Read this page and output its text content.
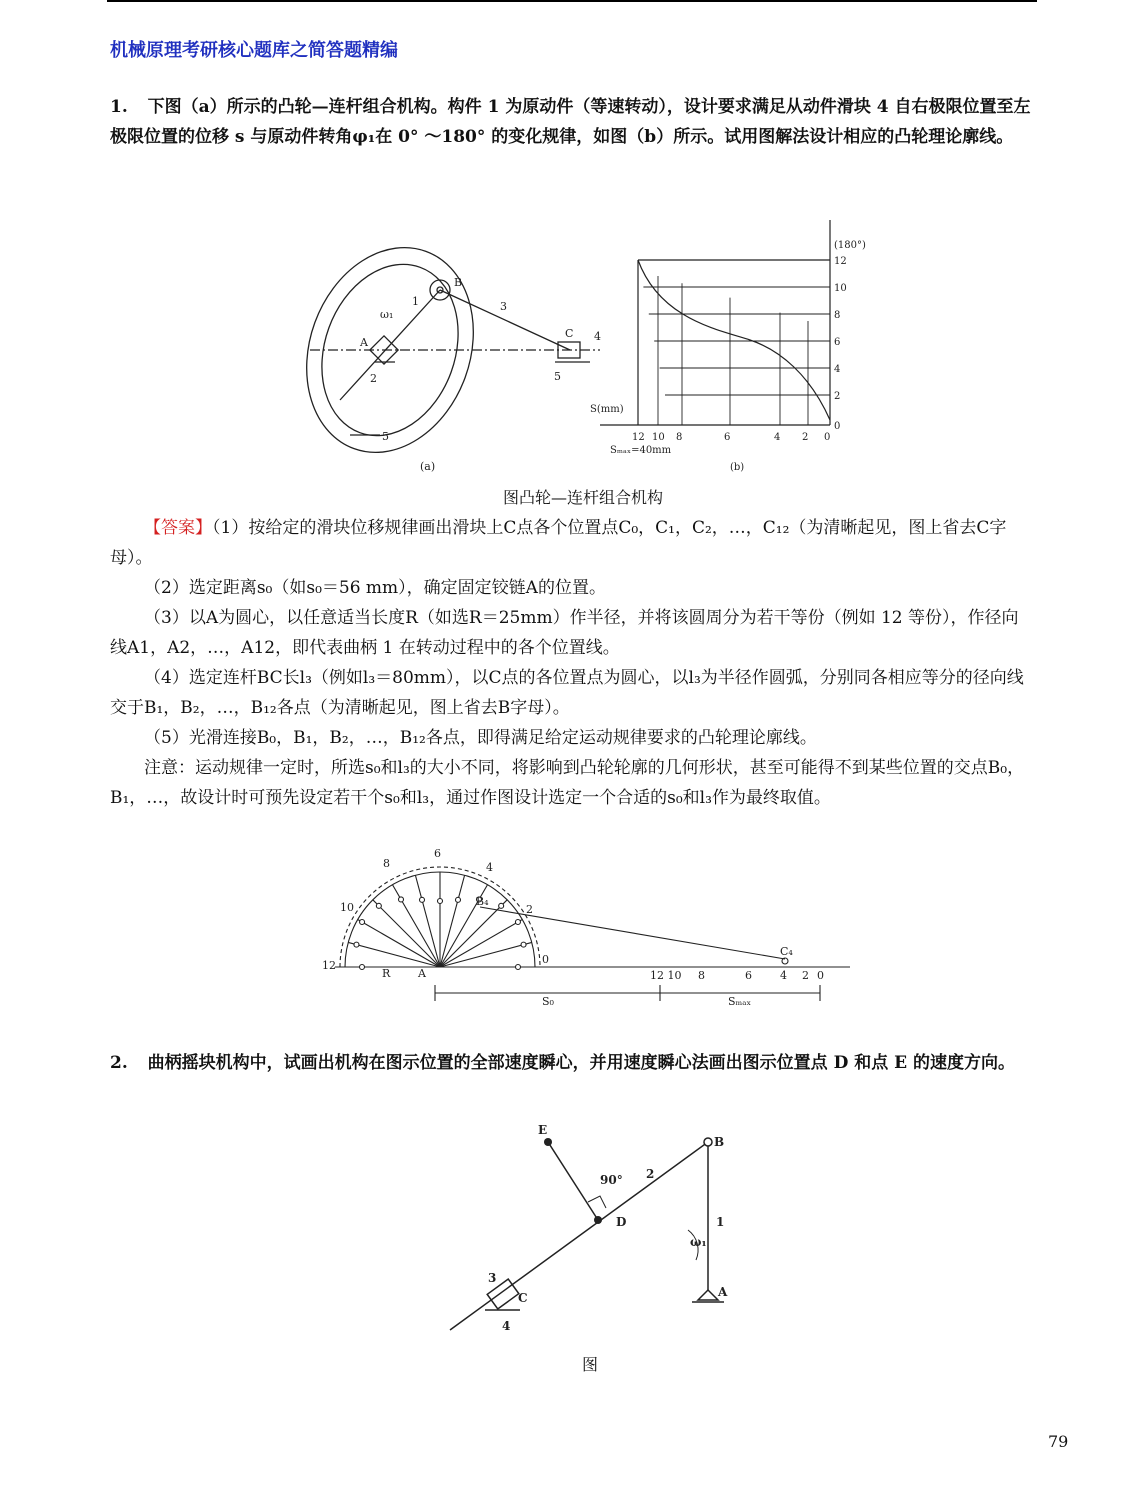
机械原理考研核心题库之简答题精编
1. 下图（a）所示的凸轮—连杆组合机构。构件 1 为原动件（等速转动），设计要求满足从动件滑块 4 自右极限位置至左极限位置的位移 s 与原动件转角φ₁在 0° ～180° 的变化规律，如图（b）所示。试用图解法设计相应的凸轮理论廓线。
B
1
ω₁
A
2
3
C 4
5
5
(a)
12
10
8
6
4
2
0
12 10 8	6	4 2 0
(180°)
S(mm)
Sₘₐₓ=40mm
(b)
图凸轮—连杆组合机构

【答案】（1）按给定的滑块位移规律画出滑块上C点各个位置点C₀，C₁，C₂，…，C₁₂（为清晰起见，图上省去C字母）。

（2）选定距离s₀（如s₀＝56 mm），确定固定铰链A的位置。

（3）以A为圆心，以任意适当长度R（如选R＝25mm）作半径，并将该圆周分为若干等份（例如 12 等份），作径向线A1，A2，…，A12，即代表曲柄 1 在转动过程中的各个位置线。

（4）选定连杆BC长l₃（例如l₃＝80mm），以C点的各位置点为圆心，以l₃为半径作圆弧，分别同各相应等分的径向线交于B₁，B₂，…，B₁₂各点（为清晰起见，图上省去B字母）。

（5）光滑连接B₀，B₁，B₂，…，B₁₂各点，即得满足给定运动规律要求的凸轮理论廓线。

注意：运动规律一定时，所选s₀和l₃的大小不同，将影响到凸轮轮廓的几何形状，甚至可能得不到某些位置的交点B₀，B₁，…，故设计时可预先设定若干个s₀和l₃，通过作图设计选定一个合适的s₀和l₃作为最终取值。

8
6
4
10	2
12
R	A
0
B₄
C₄
12 10 8	6	4 2 0
S₀	Sₘₐₓ
2. 曲柄摇块机构中，试画出机构在图示位置的全部速度瞬心，并用速度瞬心法画出图示位置点 D 和点 E 的速度方向。
E
B
90° 2
D	1
ω₁
3
C	A
4
图
79
